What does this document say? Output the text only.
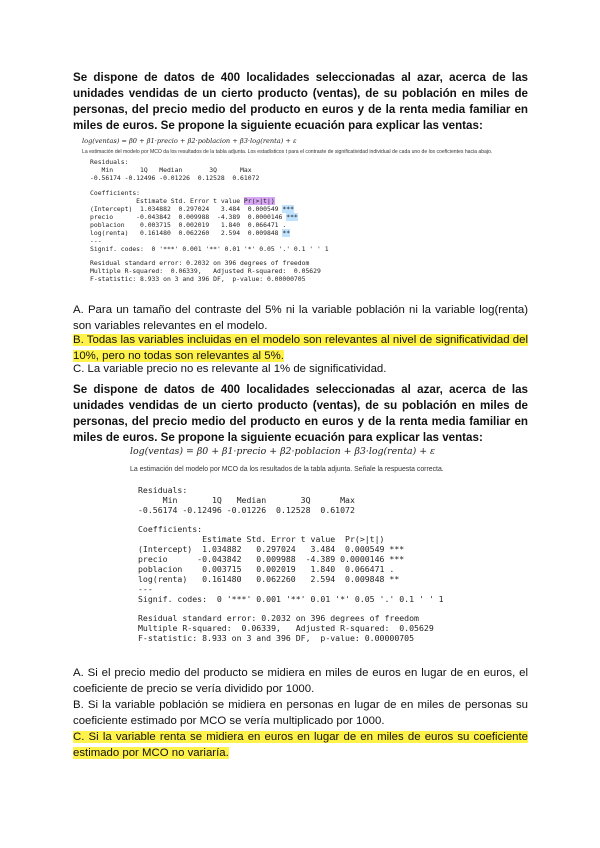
Se dispone de datos de 400 localidades seleccionadas al azar, acerca de las unidades vendidas de un cierto producto (ventas), de su población en miles de personas, del precio medio del producto en euros y de la renta media familiar en miles de euros. Se propone la siguiente ecuación para explicar las ventas:

log(ventas) = β0 + β1·precio + β2·poblacion + β3·log(renta) + ε
La estimación del modelo por MCO da los resultados de la tabla adjunta. Los estadísticos t para el contraste de significatividad individual de cada uno de los coeficientes hacia abajo.
Residuals:
Min       1Q   Median       3Q      Max
-0.56174 -0.12496 -0.01226  0.12528  0.61072
Coefficients:
Estimate Std. Error t value Pr(>|t|)
(Intercept)  1.034882  0.297024   3.484  0.000549 ***
precio      -0.043842  0.009988  -4.389  0.0000146 ***
poblacion    0.003715  0.002019   1.840  0.066471 .
log(renta)   0.161480  0.062260   2.594  0.009848 **
---
Signif. codes:  0 '***' 0.001 '**' 0.01 '*' 0.05 '.' 0.1 ' ' 1
Residual standard error: 0.2032 on 396 degrees of freedom
Multiple R-squared:  0.06339,   Adjusted R-squared:  0.05629
F-statistic: 8.933 on 3 and 396 DF,  p-value: 0.00000705

A. Para un tamaño del contraste del 5% ni la variable población ni la variable log(renta) son variables relevantes en el modelo.

B. Todas las variables incluidas en el modelo son relevantes al nivel de significatividad del 10%, pero no todas son relevantes al 5%.

C. La variable precio no es relevante al 1% de significatividad.

Se dispone de datos de 400 localidades seleccionadas al azar, acerca de las unidades vendidas de un cierto producto (ventas), de su población en miles de personas, del precio medio del producto en euros y de la renta media familiar en miles de euros. Se propone la siguiente ecuación para explicar las ventas:

log(ventas) = β0 + β1·precio + β2·poblacion + β3·log(renta) + ε
La estimación del modelo por MCO da los resultados de la tabla adjunta. Señale la respuesta correcta.
Residuals:
Min       1Q   Median       3Q      Max
-0.56174 -0.12496 -0.01226  0.12528  0.61072
Coefficients:
Estimate Std. Error t value  Pr(>|t|)
(Intercept)  1.034882   0.297024   3.484  0.000549 ***
precio      -0.043842   0.009988  -4.389 0.0000146 ***
poblacion    0.003715   0.002019   1.840  0.066471 .
log(renta)   0.161480   0.062260   2.594  0.009848 **
---
Signif. codes:  0 '***' 0.001 '**' 0.01 '*' 0.05 '.' 0.1 ' ' 1
Residual standard error: 0.2032 on 396 degrees of freedom
Multiple R-squared:  0.06339,   Adjusted R-squared:  0.05629
F-statistic: 8.933 on 3 and 396 DF,  p-value: 0.00000705

A. Si el precio medio del producto se midiera en miles de euros en lugar de en euros, el coeficiente de precio se vería dividido por 1000.

B. Si la variable población se midiera en personas en lugar de en miles de personas su coeficiente estimado por MCO se vería multiplicado por 1000.

C. Si la variable renta se midiera en euros en lugar de en miles de euros su coeficiente estimado por MCO no variaría.
